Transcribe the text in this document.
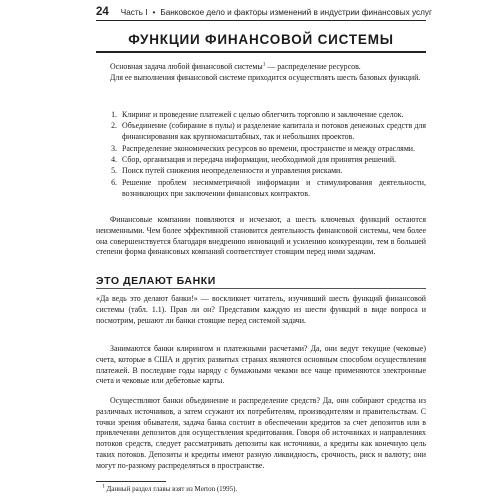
24 Часть I • Банковское дело и факторы изменений в индустрии финансовых услуг
ФУНКЦИИ ФИНАНСОВОЙ СИСТЕМЫ

Основная задача любой финансовой системы$^1$ — распределение ресурсов.

Для ее выполнения финансовой системе приходится осуществлять шесть базовых функций.

1. Клиринг и проведение платежей с целью облегчить торговлю и заключение сделок.
2. Объединение (собирание в пулы) и разделение капитала и потоков денежных средств для финансирования как крупномасштабных, так и небольших проектов.
3. Распределение экономических ресурсов во времени, пространстве и между отраслями.
4. Сбор, организация и передача информации, необходимой для принятия решений.
5. Поиск путей снижения неопределенности и управления рисками.
6. Решение проблем несимметричной информации и стимулирования деятельности, возникающих при заключении финансовых контрактов.

Финансовые компании появляются и исчезают, а шесть ключевых функций остаются неизменными. Чем более эффективной становится деятельность финансовой системы, чем более она совершенствуется благодаря внедрению инноваций и усилению конкуренции, тем в большей степени форма финансовых компаний соответствует стоящим перед ними задачам.

ЭТО ДЕЛАЮТ БАНКИ

«Да ведь это делают банки!» — воскликнет читатель, изучивший шесть функций финансовой системы (табл. 1.1). Прав ли он? Представим каждую из шести функций в виде вопроса и посмотрим, решают ли банки стоящие перед системой задачи.

Занимаются банки клирингом и платежными расчетами? Да, они ведут текущие (чековые) счета, которые в США и других развитых странах являются основным способом осуществления платежей. В последние годы наряду с бумажными чеками все чаще применяются электронные счета и чековые или дебетовые карты.

Осуществляют банки объединение и распределение средств? Да, они собирают средства из различных источников, а затем ссужают их потребителям, производителям и правительствам. С точки зрения обывателя, задача банка состоит в обеспечении кредитов за счет депозитов или в привлечении депозитов для осуществления кредитования. Говоря об источниках и направлениях потоков средств, следует рассматривать депозиты как источники, а кредиты как конечную цель таких потоков. Депозиты и кредиты имеют разную ликвидность, срочность, риск и валюту; они могут по-разному распределяться в пространстве.

$^1$ Данный раздел главы взят из Merton (1995).
